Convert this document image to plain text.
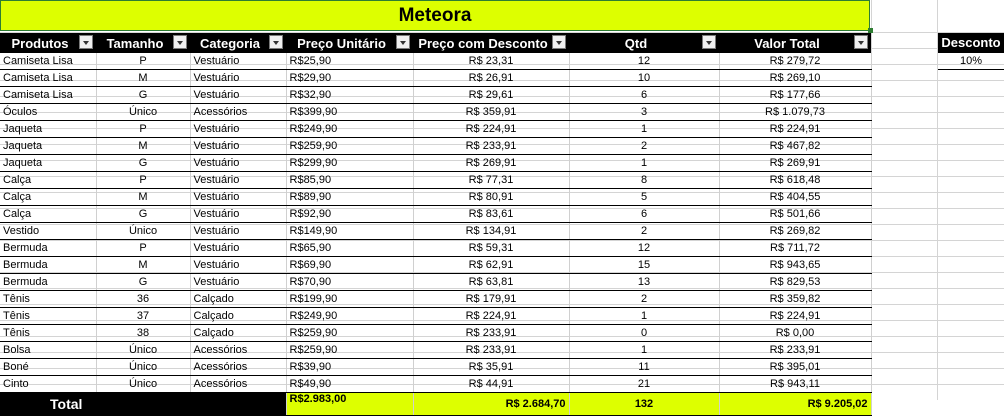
Meteora
Produtos	Tamanho	Categoria	Preço Unitário	Preço com Desconto	Qtd	Valor Total

Camiseta Lisa	P	Vestuário	R$25,90	R$ 23,31	12	R$ 279,72
Camiseta Lisa	M	Vestuário	R$29,90	R$ 26,91	10	R$ 269,10
Camiseta Lisa	G	Vestuário	R$32,90	R$ 29,61	6	R$ 177,66
Óculos	Único	Acessórios	R$399,90	R$ 359,91	3	R$ 1.079,73
Jaqueta	P	Vestuário	R$249,90	R$ 224,91	1	R$ 224,91
Jaqueta	M	Vestuário	R$259,90	R$ 233,91	2	R$ 467,82
Jaqueta	G	Vestuário	R$299,90	R$ 269,91	1	R$ 269,91
Calça	P	Vestuário	R$85,90	R$ 77,31	8	R$ 618,48
Calça	M	Vestuário	R$89,90	R$ 80,91	5	R$ 404,55
Calça	G	Vestuário	R$92,90	R$ 83,61	6	R$ 501,66
Vestido	Único	Vestuário	R$149,90	R$ 134,91	2	R$ 269,82
Bermuda	P	Vestuário	R$65,90	R$ 59,31	12	R$ 711,72
Bermuda	M	Vestuário	R$69,90	R$ 62,91	15	R$ 943,65
Bermuda	G	Vestuário	R$70,90	R$ 63,81	13	R$ 829,53
Tênis	36	Calçado	R$199,90	R$ 179,91	2	R$ 359,82
Tênis	37	Calçado	R$249,90	R$ 224,91	1	R$ 224,91
Tênis	38	Calçado	R$259,90	R$ 233,91	0	R$ 0,00
Bolsa	Único	Acessórios	R$259,90	R$ 233,91	1	R$ 233,91
Boné	Único	Acessórios	R$39,90	R$ 35,91	11	R$ 395,01
Cinto	Único	Acessórios	R$49,90	R$ 44,91	21	R$ 943,11
Total			R$2.983,00	R$ 2.684,70	132	R$ 9.205,02
Desconto
10%
